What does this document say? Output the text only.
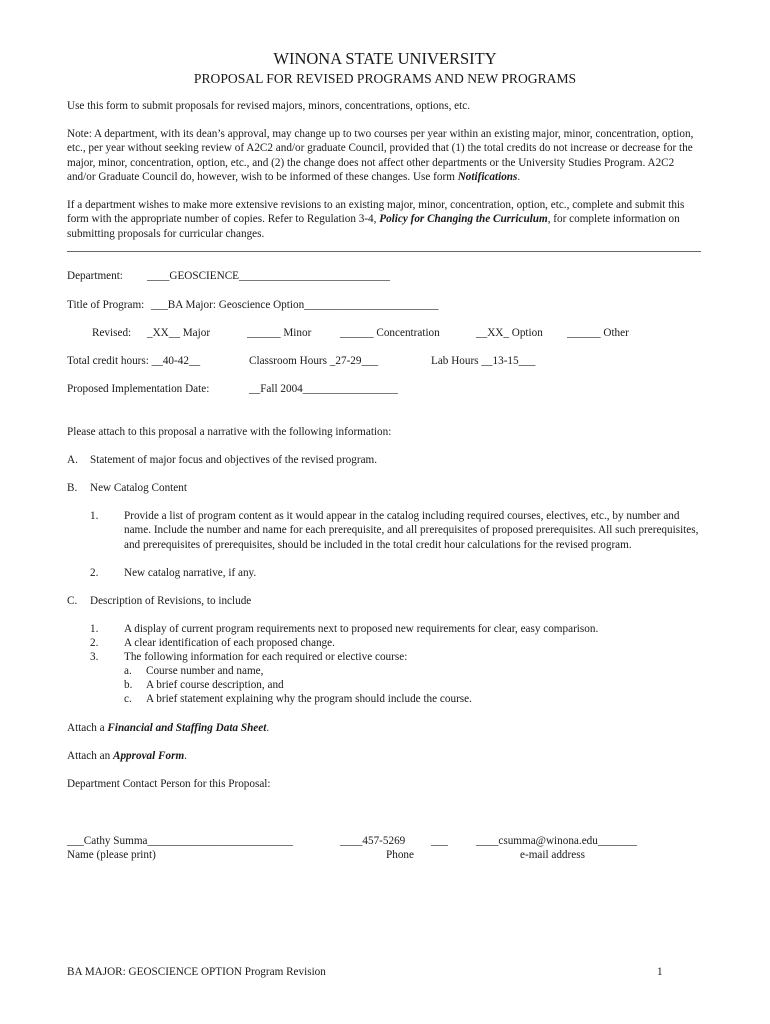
WINONA STATE UNIVERSITY
PROPOSAL FOR REVISED PROGRAMS AND NEW PROGRAMS
Use this form to submit proposals for revised majors, minors, concentrations, options, etc.
Note: A department, with its dean’s approval, may change up to two courses per year within an existing major, minor, concentration, option, etc., per year without seeking review of A2C2 and/or graduate Council, provided that (1) the total credits do not increase or decrease for the major, minor, concentration, option, etc., and (2) the change does not affect other departments or the University Studies Program. A2C2 and/or Graduate Council do, however, wish to be informed of these changes. Use form Notifications.
If a department wishes to make more extensive revisions to an existing major, minor, concentration, option, etc., complete and submit this form with the appropriate number of copies. Refer to Regulation 3-4, Policy for Changing the Curriculum, for complete information on submitting proposals for curricular changes.
Department: ____GEOSCIENCE___________________________
Title of Program: ___BA Major: Geoscience Option________________________
Revised: _XX__ Major	______ Minor	______ Concentration	__XX_ Option ______ Other
Total credit hours: __40-42__	Classroom Hours _27-29___	Lab Hours __13-15___
Proposed Implementation Date:	__Fall 2004_________________
Please attach to this proposal a narrative with the following information:
A. Statement of major focus and objectives of the revised program.
B. New Catalog Content
1. Provide a list of program content as it would appear in the catalog including required courses, electives, etc., by number and name. Include the number and name for each prerequisite, and all prerequisites of proposed prerequisites. All such prerequisites, and prerequisites of prerequisites, should be included in the total credit hour calculations for the revised program.
2. New catalog narrative, if any.
C. Description of Revisions, to include
1. A display of current program requirements next to proposed new requirements for clear, easy comparison.
2. A clear identification of each proposed change.
3. The following information for each required or elective course:
a. Course number and name,
b. A brief course description, and
c. A brief statement explaining why the program should include the course.
Attach a Financial and Staffing Data Sheet.
Attach an Approval Form.
Department Contact Person for this Proposal:
___Cathy Summa__________________________	____457-5269 ___	____csumma@winona.edu_______
Name (please print)	Phone	e-mail address
BA MAJOR: GEOSCIENCE OPTION Program Revision	1
